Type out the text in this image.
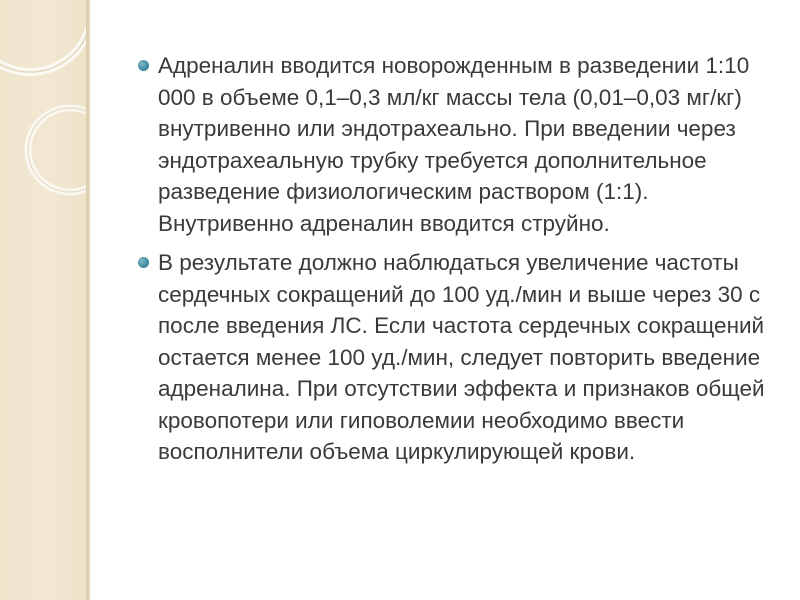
Адреналин вводится новорожденным в разведении 1:10 000 в объеме 0,1–0,3 мл/кг массы тела (0,01–0,03 мг/кг) внутривенно или эндотрахеально. При введении через эндотрахеальную трубку требуется дополнительное разведение физиологическим раствором (1:1). Внутривенно адреналин вводится струйно.
В результате должно наблюдаться увеличение частоты сердечных сокращений до 100 уд./мин и выше через 30 с после введения ЛС. Если частота сердечных сокращений остается менее 100 уд./мин, следует повторить введение адреналина. При отсутствии эффекта и признаков общей кровопотери или гиповолемии необходимо ввести восполнители объема циркулирующей крови.
